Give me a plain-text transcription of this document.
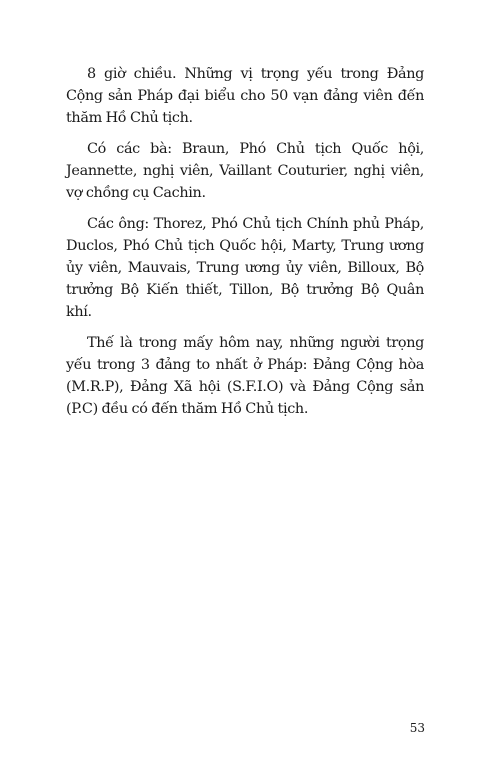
8 giờ chiều. Những vị trọng yếu trong Đảng Cộng sản Pháp đại biểu cho 50 vạn đảng viên đến thăm Hồ Chủ tịch.

Có các bà: Braun, Phó Chủ tịch Quốc hội, Jeannette, nghị viên, Vaillant Couturier, nghị viên, vợ chồng cụ Cachin.

Các ông: Thorez, Phó Chủ tịch Chính phủ Pháp, Duclos, Phó Chủ tịch Quốc hội, Marty, Trung ương ủy viên, Mauvais, Trung ương ủy viên, Billoux, Bộ trưởng Bộ Kiến thiết, Tillon, Bộ trưởng Bộ Quân khí.

Thế là trong mấy hôm nay, những người trọng yếu trong 3 đảng to nhất ở Pháp: Đảng Cộng hòa (M.R.P), Đảng Xã hội (S.F.I.O) và Đảng Cộng sản (P.C) đều có đến thăm Hồ Chủ tịch.

53
